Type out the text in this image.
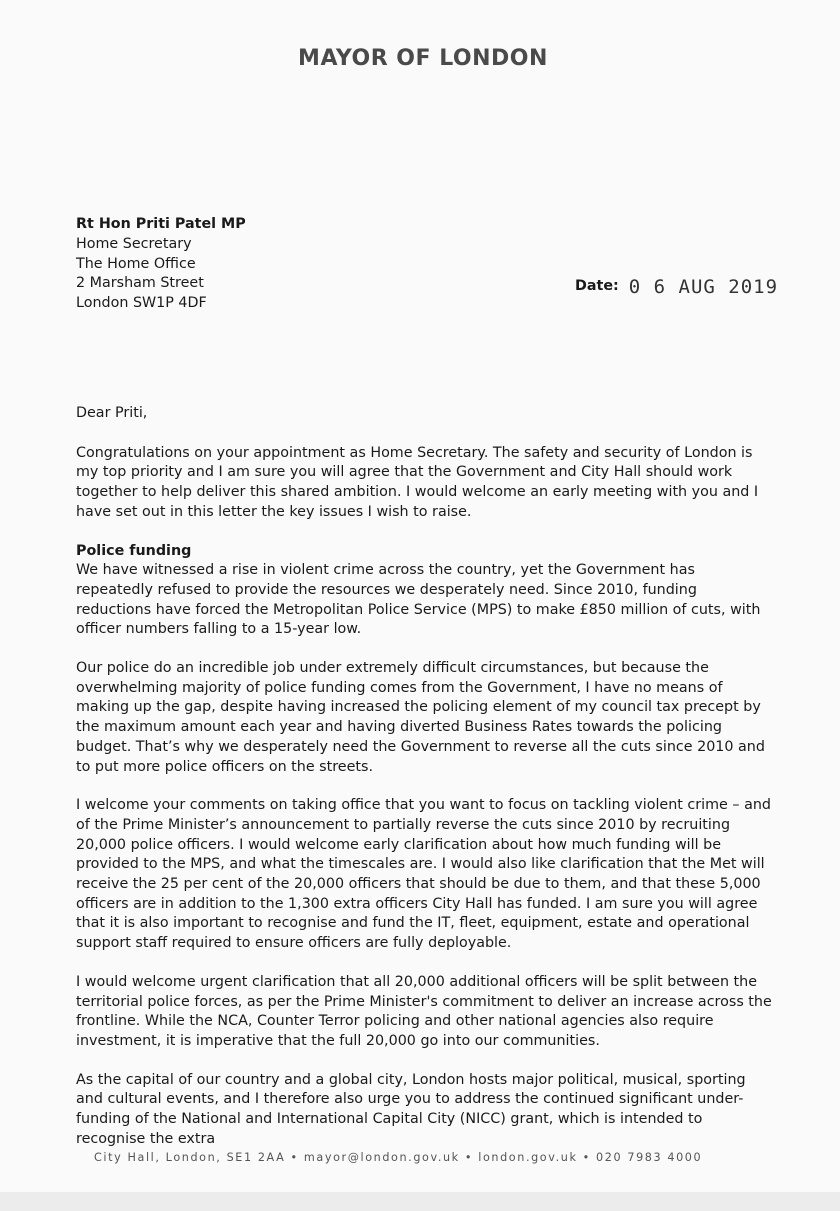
MAYOR OF LONDON
Rt Hon Priti Patel MP
Home Secretary
The Home Office
2 Marsham Street
London SW1P 4DF
Date: 0 6 AUG 2019

Dear Priti,

Congratulations on your appointment as Home Secretary. The safety and security of London is my top priority and I am sure you will agree that the Government and City Hall should work together to help deliver this shared ambition. I would welcome an early meeting with you and I have set out in this letter the key issues I wish to raise.

Police funding

We have witnessed a rise in violent crime across the country, yet the Government has repeatedly refused to provide the resources we desperately need. Since 2010, funding reductions have forced the Metropolitan Police Service (MPS) to make £850 million of cuts, with officer numbers falling to a 15-year low.

Our police do an incredible job under extremely difficult circumstances, but because the overwhelming majority of police funding comes from the Government, I have no means of making up the gap, despite having increased the policing element of my council tax precept by the maximum amount each year and having diverted Business Rates towards the policing budget. That’s why we desperately need the Government to reverse all the cuts since 2010 and to put more police officers on the streets.

I welcome your comments on taking office that you want to focus on tackling violent crime – and of the Prime Minister’s announcement to partially reverse the cuts since 2010 by recruiting 20,000 police officers. I would welcome early clarification about how much funding will be provided to the MPS, and what the timescales are. I would also like clarification that the Met will receive the 25 per cent of the 20,000 officers that should be due to them, and that these 5,000 officers are in addition to the 1,300 extra officers City Hall has funded. I am sure you will agree that it is also important to recognise and fund the IT, fleet, equipment, estate and operational support staff required to ensure officers are fully deployable.

I would welcome urgent clarification that all 20,000 additional officers will be split between the territorial police forces, as per the Prime Minister's commitment to deliver an increase across the frontline. While the NCA, Counter Terror policing and other national agencies also require investment, it is imperative that the full 20,000 go into our communities.

As the capital of our country and a global city, London hosts major political, musical, sporting and cultural events, and I therefore also urge you to address the continued significant under-funding of the National and International Capital City (NICC) grant, which is intended to recognise the extra

City Hall, London, SE1 2AA • mayor@london.gov.uk • london.gov.uk • 020 7983 4000
